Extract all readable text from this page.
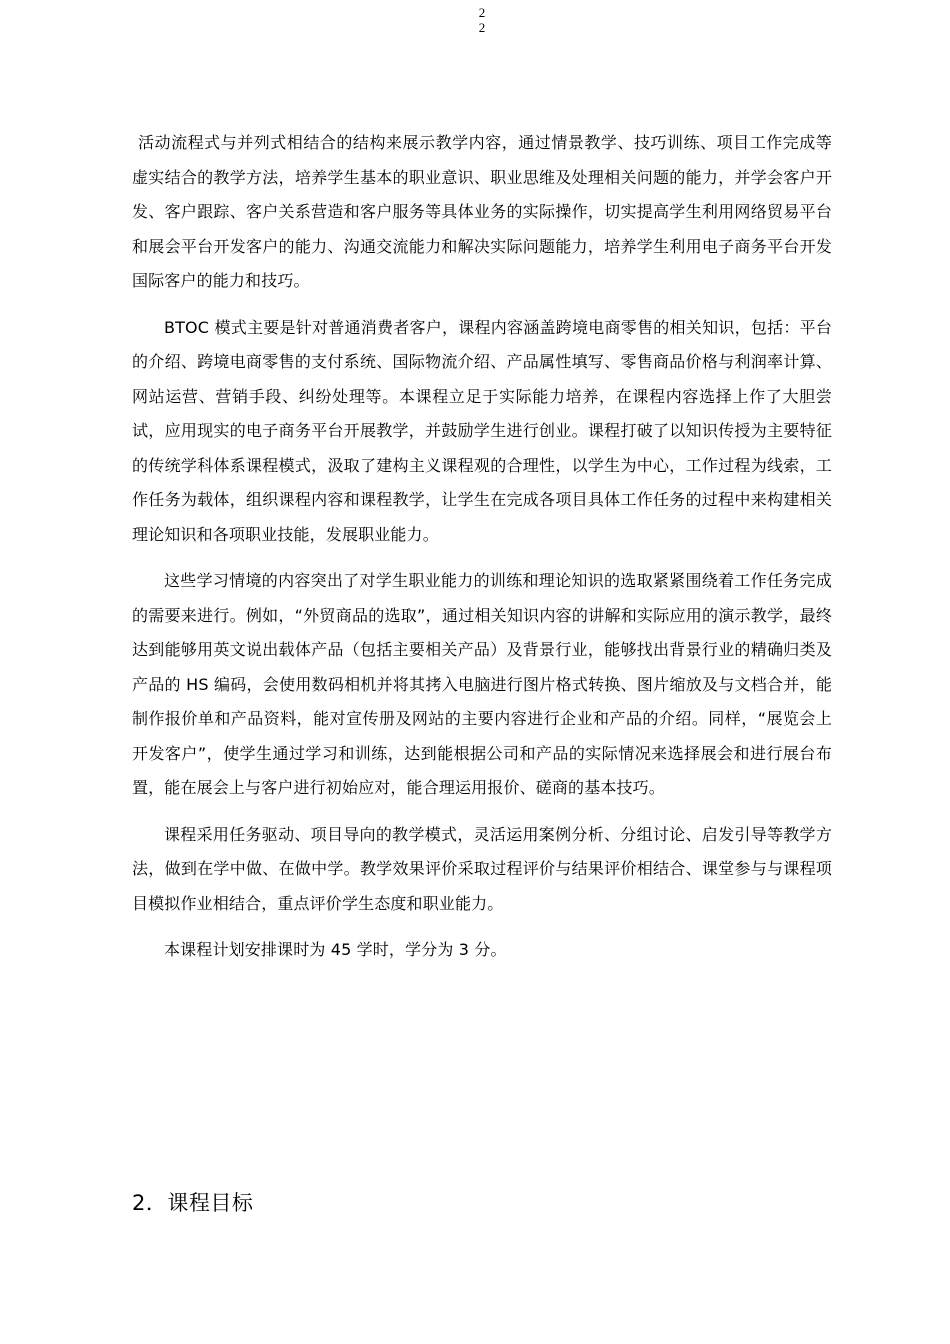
2
2

活动流程式与并列式相结合的结构来展示教学内容，通过情景教学、技巧训练、项目工作完成等虚实结合的教学方法，培养学生基本的职业意识、职业思维及处理相关问题的能力，并学会客户开发、客户跟踪、客户关系营造和客户服务等具体业务的实际操作，切实提高学生利用网络贸易平台和展会平台开发客户的能力、沟通交流能力和解决实际问题能力，培养学生利用电子商务平台开发国际客户的能力和技巧。

BTOC 模式主要是针对普通消费者客户，课程内容涵盖跨境电商零售的相关知识，包括：平台的介绍、跨境电商零售的支付系统、国际物流介绍、产品属性填写、零售商品价格与利润率计算、网站运营、营销手段、纠纷处理等。本课程立足于实际能力培养，在课程内容选择上作了大胆尝试，应用现实的电子商务平台开展教学，并鼓励学生进行创业。课程打破了以知识传授为主要特征的传统学科体系课程模式，汲取了建构主义课程观的合理性，以学生为中心，工作过程为线索，工作任务为载体，组织课程内容和课程教学，让学生在完成各项目具体工作任务的过程中来构建相关理论知识和各项职业技能，发展职业能力。

这些学习情境的内容突出了对学生职业能力的训练和理论知识的选取紧紧围绕着工作任务完成的需要来进行。例如，“外贸商品的选取”，通过相关知识内容的讲解和实际应用的演示教学，最终达到能够用英文说出载体产品（包括主要相关产品）及背景行业，能够找出背景行业的精确归类及产品的 HS 编码，会使用数码相机并将其拷入电脑进行图片格式转换、图片缩放及与文档合并，能制作报价单和产品资料，能对宣传册及网站的主要内容进行企业和产品的介绍。同样，“展览会上开发客户”，使学生通过学习和训练，达到能根据公司和产品的实际情况来选择展会和进行展台布置，能在展会上与客户进行初始应对，能合理运用报价、磋商的基本技巧。

课程采用任务驱动、项目导向的教学模式，灵活运用案例分析、分组讨论、启发引导等教学方法，做到在学中做、在做中学。教学效果评价采取过程评价与结果评价相结合、课堂参与与课程项目模拟作业相结合，重点评价学生态度和职业能力。

本课程计划安排课时为 45 学时，学分为 3 分。

2．课程目标
